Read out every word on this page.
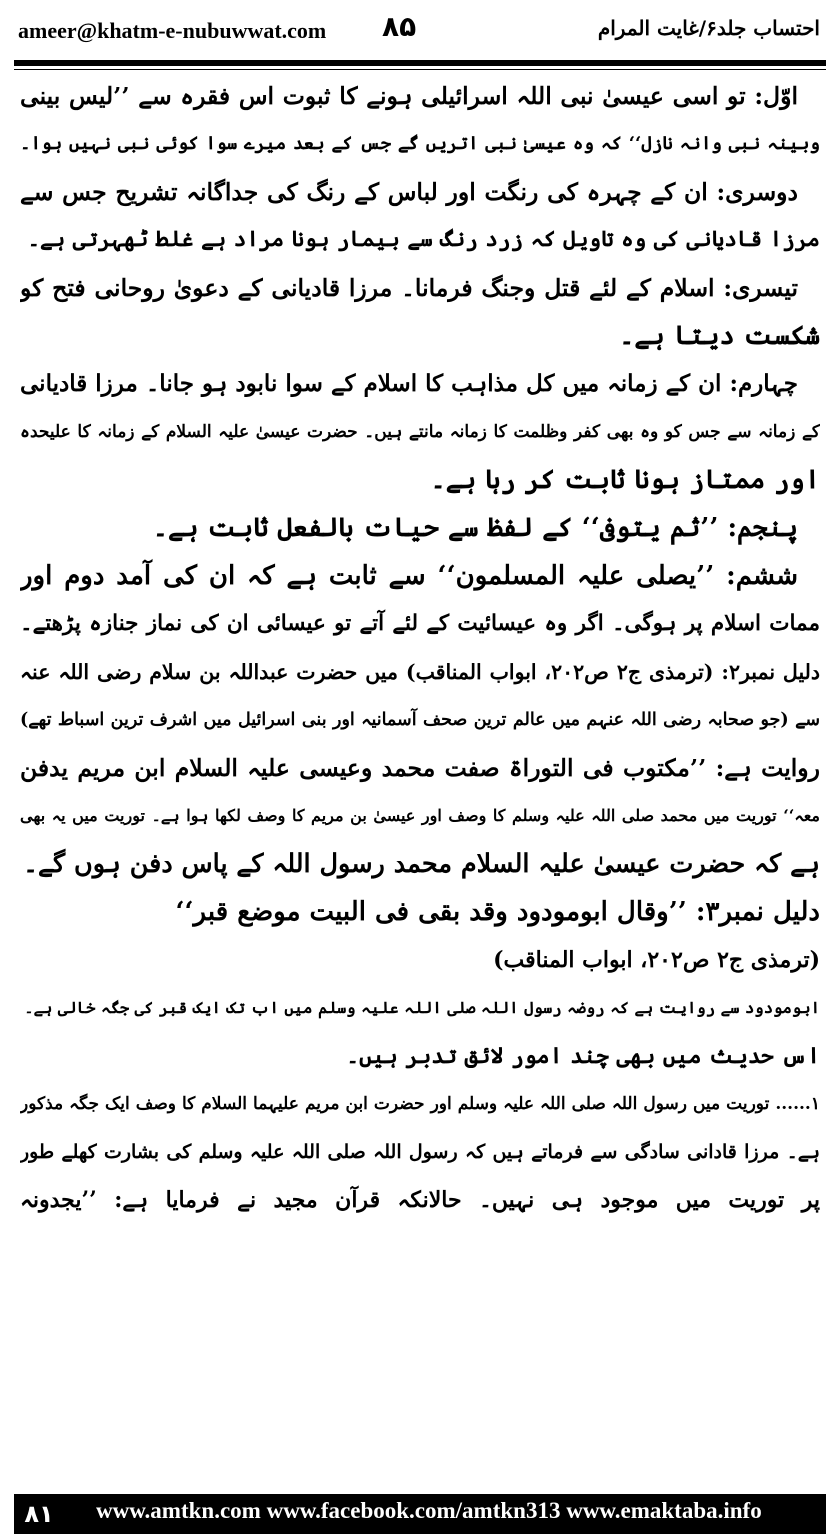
ameer@khatm-e-nubuwwat.com ۸۵	احتساب جلد۶/غایت المرام
اوّل: تو اسی عیسیٰ نبی اللہ اسرائیلی ہونے کا ثبوت اس فقرہ سے ’’لیس بینی
وبینہ نبی وانہ نازل‘‘ کہ وہ عیسیٰ نبی اتریں گے جس کے بعد میرے سوا کوئی نبی نہیں ہوا۔
دوسری: ان کے چہرہ کی رنگت اور لباس کے رنگ کی جداگانہ تشریح جس سے
مرزا قادیانی کی وہ تاویل کہ زرد رنگ سے بیمار ہونا مراد ہے غلط ٹھہرتی ہے۔
تیسری: اسلام کے لئے قتل وجنگ فرمانا۔ مرزا قادیانی کے دعویٰ روحانی فتح کو
شکست دیتا ہے۔
چہارم: ان کے زمانہ میں کل مذاہب کا اسلام کے سوا نابود ہو جانا۔ مرزا قادیانی
کے زمانہ سے جس کو وہ بھی کفر وظلمت کا زمانہ مانتے ہیں۔ حضرت عیسیٰ علیہ السلام کے زمانہ کا علیحدہ
اور ممتاز ہونا ثابت کر رہا ہے۔
پنجم: ’’ثم یتوفی‘‘ کے لفظ سے حیات بالفعل ثابت ہے۔
ششم: ’’یصلی علیہ المسلمون‘‘ سے ثابت ہے کہ ان کی آمد دوم اور
ممات اسلام پر ہوگی۔ اگر وہ عیسائیت کے لئے آتے تو عیسائی ان کی نماز جنازہ پڑھتے۔
دلیل نمبر۲: (ترمذی ج۲ ص۲۰۲، ابواب المناقب) میں حضرت عبداللہ بن سلام رضی اللہ عنہ
سے (جو صحابہ رضی اللہ عنہم میں عالم ترین صحف آسمانیہ اور بنی اسرائیل میں اشرف ترین اسباط تھے)
روایت ہے: ’’مکتوب فی التوراۃ صفت محمد وعیسی علیہ السلام ابن مریم یدفن
معہ‘‘ توریت میں محمد صلی اللہ علیہ وسلم کا وصف اور عیسیٰ بن مریم کا وصف لکھا ہوا ہے۔ توریت میں یہ بھی
ہے کہ حضرت عیسیٰ علیہ السلام محمد رسول اللہ کے پاس دفن ہوں گے۔
دلیل نمبر۳: ’’وقال ابومودود وقد بقی فی البیت موضع قبر‘‘
(ترمذی ج۲ ص۲۰۲، ابواب المناقب)
ابومودود سے روایت ہے کہ روضہ رسول اللہ صلی اللہ علیہ وسلم میں اب تک ایک قبر کی جگہ خالی ہے۔
اس حدیث میں بھی چند امور لائق تدبر ہیں۔
۱...... توریت میں رسول اللہ صلی اللہ علیہ وسلم اور حضرت ابن مریم علیہما السلام کا وصف ایک جگہ مذکور
ہے۔ مرزا قادانی سادگی سے فرماتے ہیں کہ رسول اللہ صلی اللہ علیہ وسلم کی بشارت کھلے طور
پر توریت میں موجود ہی نہیں۔ حالانکہ قرآن مجید نے فرمایا ہے: ’’یجدونہ
۸۱	www.amtkn.com www.facebook.com/amtkn313 www.emaktaba.info
